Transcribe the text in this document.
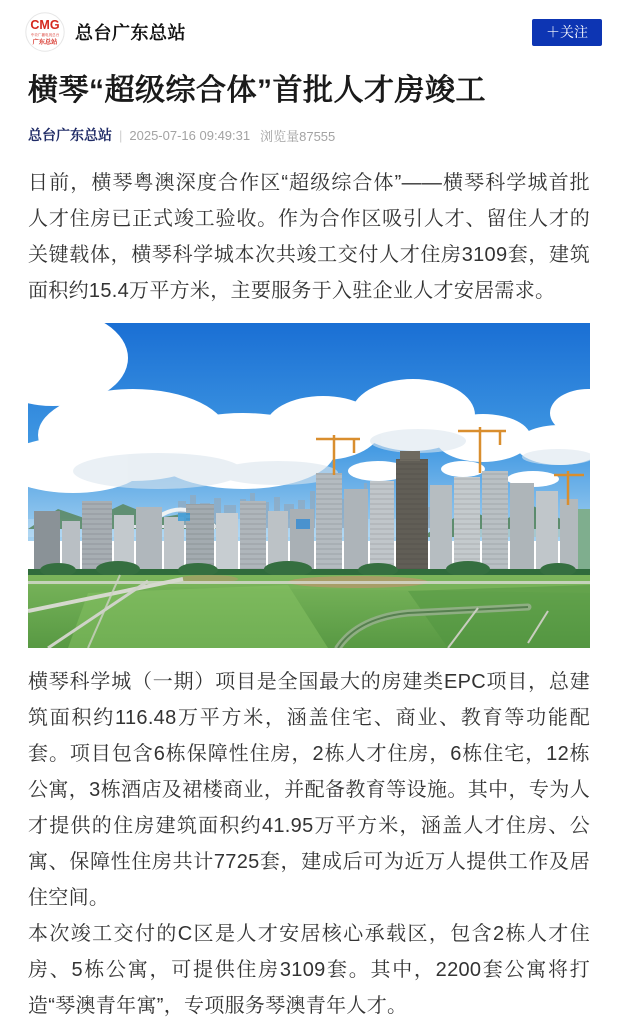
CMG
中央广播电视总台
广东总站 总台广东总站	＋关注
横琴“超级综合体”首批人才房竣工
总台广东总站 | 2025-07-16 09:49:31 浏览量87555

日前，横琴粤澳深度合作区“超级综合体”——横琴科学城首批人才住房已正式竣工验收。作为合作区吸引人才、留住人才的关键载体，横琴科学城本次共竣工交付人才住房3109套，建筑面积约15.4万平方米，主要服务于入驻企业人才安居需求。

横琴科学城（一期）项目是全国最大的房建类EPC项目，总建筑面积约116.48万平方米，涵盖住宅、商业、教育等功能配套。项目包含6栋保障性住房，2栋人才住房，6栋住宅，12栋公寓，3栋酒店及裙楼商业，并配备教育等设施。其中，专为人才提供的住房建筑面积约41.95万平方米，涵盖人才住房、公寓、保障性住房共计7725套，建成后可为近万人提供工作及居住空间。

本次竣工交付的C区是人才安居核心承载区，包含2栋人才住房、5栋公寓，可提供住房3109套。其中，2200套公寓将打造“琴澳青年寓”，专项服务琴澳青年人才。
